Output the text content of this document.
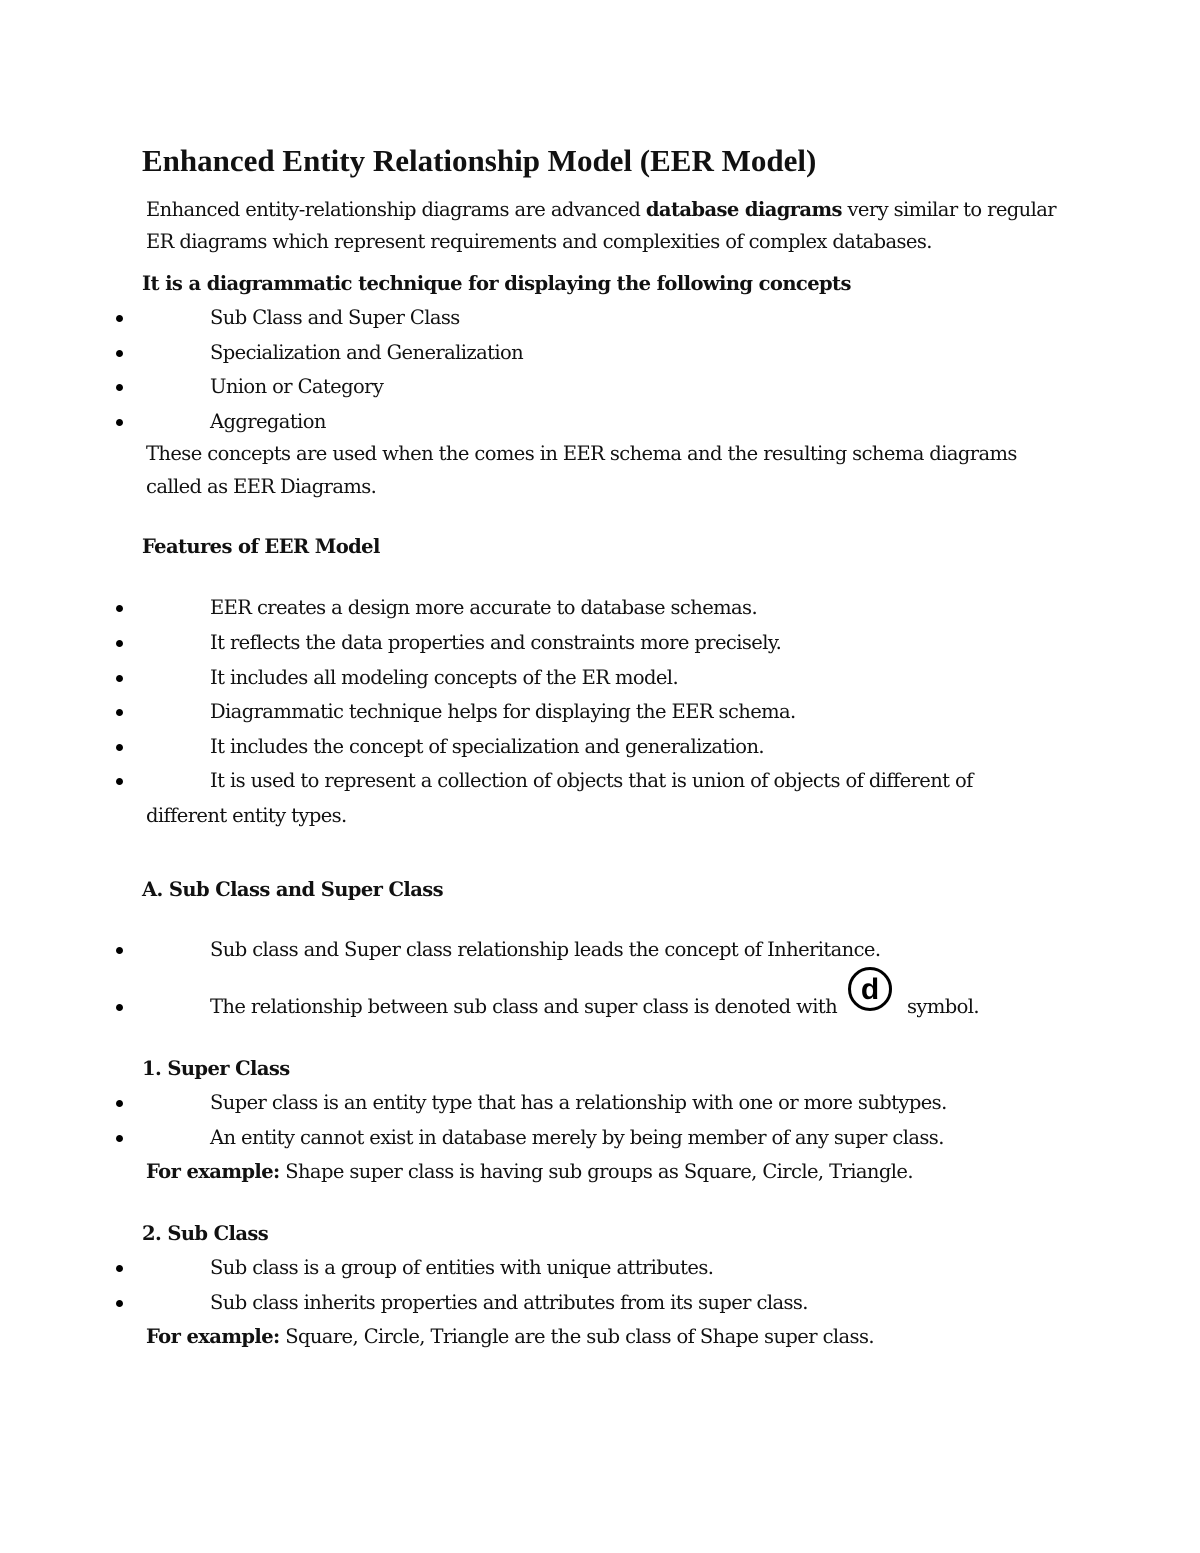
Enhanced Entity Relationship Model (EER Model)
Enhanced entity-relationship diagrams are advanced database diagrams very similar to regular
ER diagrams which represent requirements and complexities of complex databases.
It is a diagrammatic technique for displaying the following concepts
Sub Class and Super Class
Specialization and Generalization
Union or Category
Aggregation
These concepts are used when the comes in EER schema and the resulting schema diagrams
called as EER Diagrams.
Features of EER Model
EER creates a design more accurate to database schemas.
It reflects the data properties and constraints more precisely.
It includes all modeling concepts of the ER model.
Diagrammatic technique helps for displaying the EER schema.
It includes the concept of specialization and generalization.
It is used to represent a collection of objects that is union of objects of different of
different entity types.
A. Sub Class and Super Class
Sub class and Super class relationship leads the concept of Inheritance.
The relationship between sub class and super class is denoted with
d
symbol.
1. Super Class
Super class is an entity type that has a relationship with one or more subtypes.
An entity cannot exist in database merely by being member of any super class.
For example: Shape super class is having sub groups as Square, Circle, Triangle.
2. Sub Class
Sub class is a group of entities with unique attributes.
Sub class inherits properties and attributes from its super class.
For example: Square, Circle, Triangle are the sub class of Shape super class.
